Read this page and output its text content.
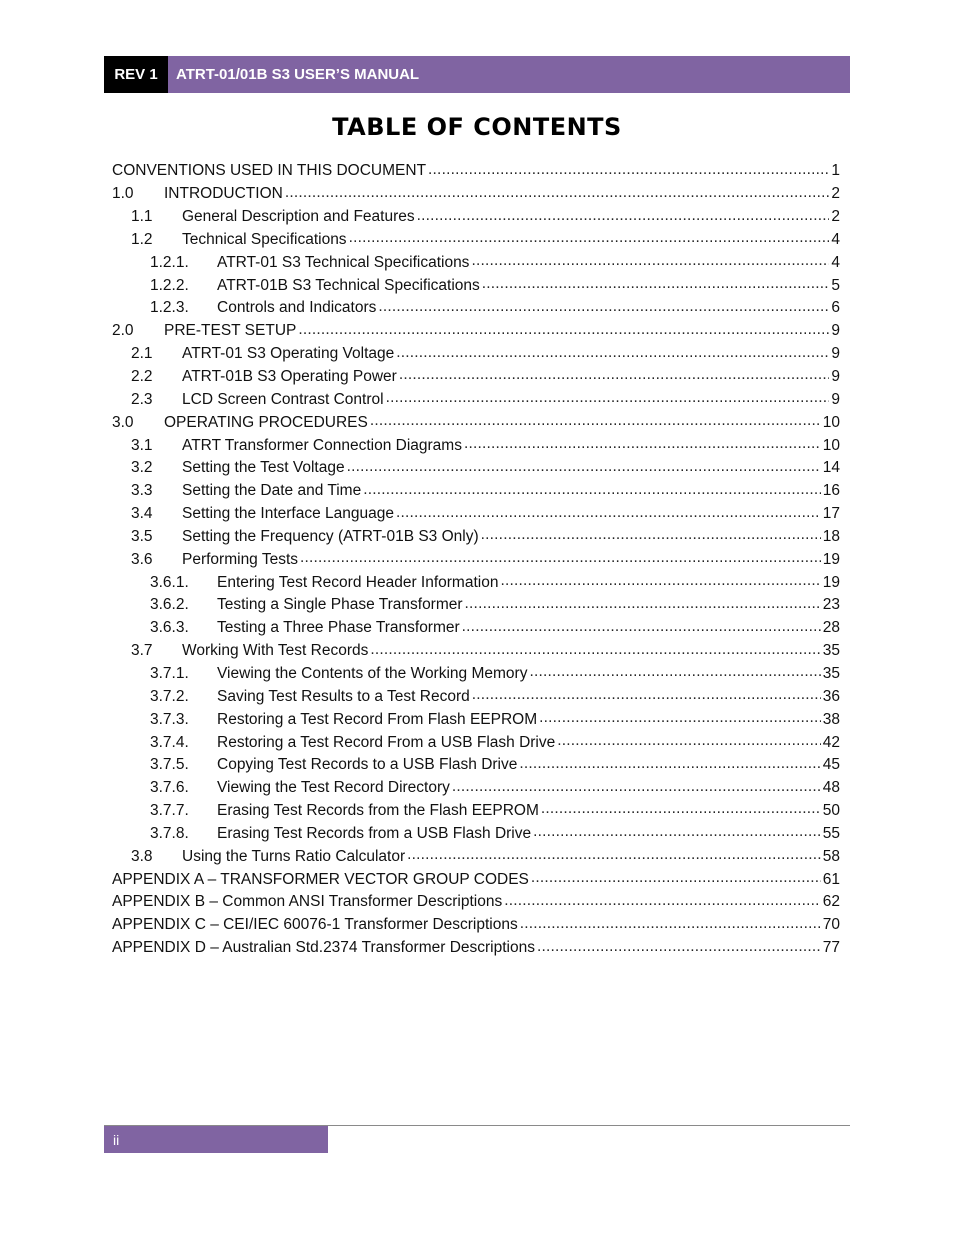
REV 1	ATRT-01/01B S3 USER’S MANUAL
TABLE OF CONTENTS
CONVENTIONS USED IN THIS DOCUMENT .....	1
1.0	INTRODUCTION .....	2
1.1	General Description and Features .....	2
1.2	Technical Specifications .....	4
1.2.1.	ATRT-01 S3 Technical Specifications .....	4
1.2.2.	ATRT-01B S3 Technical Specifications .....	5
1.2.3.	Controls and Indicators .....	6
2.0	PRE-TEST SETUP .....	9
2.1	ATRT-01 S3 Operating Voltage .....	9
2.2	ATRT-01B S3 Operating Power .....	9
2.3	LCD Screen Contrast Control .....	9
3.0	OPERATING PROCEDURES .....	10
3.1	ATRT Transformer Connection Diagrams .....	10
3.2	Setting the Test Voltage .....	14
3.3	Setting the Date and Time .....	16
3.4	Setting the Interface Language .....	17
3.5	Setting the Frequency (ATRT-01B S3 Only) .....	18
3.6	Performing Tests .....	19
3.6.1.	Entering Test Record Header Information .....	19
3.6.2.	Testing a Single Phase Transformer .....	23
3.6.3.	Testing a Three Phase Transformer .....	28
3.7	Working With Test Records .....	35
3.7.1.	Viewing the Contents of the Working Memory .....	35
3.7.2.	Saving Test Results to a Test Record .....	36
3.7.3.	Restoring a Test Record From Flash EEPROM .....	38
3.7.4.	Restoring a Test Record From a USB Flash Drive .....	42
3.7.5.	Copying Test Records to a USB Flash Drive .....	45
3.7.6.	Viewing the Test Record Directory .....	48
3.7.7.	Erasing Test Records from the Flash EEPROM .....	50
3.7.8.	Erasing Test Records from a USB Flash Drive .....	55
3.8	Using the Turns Ratio Calculator .....	58
APPENDIX A – TRANSFORMER VECTOR GROUP CODES .....	61
APPENDIX B – Common ANSI Transformer Descriptions .....	62
APPENDIX C – CEI/IEC 60076-1 Transformer Descriptions .....	70
APPENDIX D – Australian Std.2374 Transformer Descriptions .....	77
ii
